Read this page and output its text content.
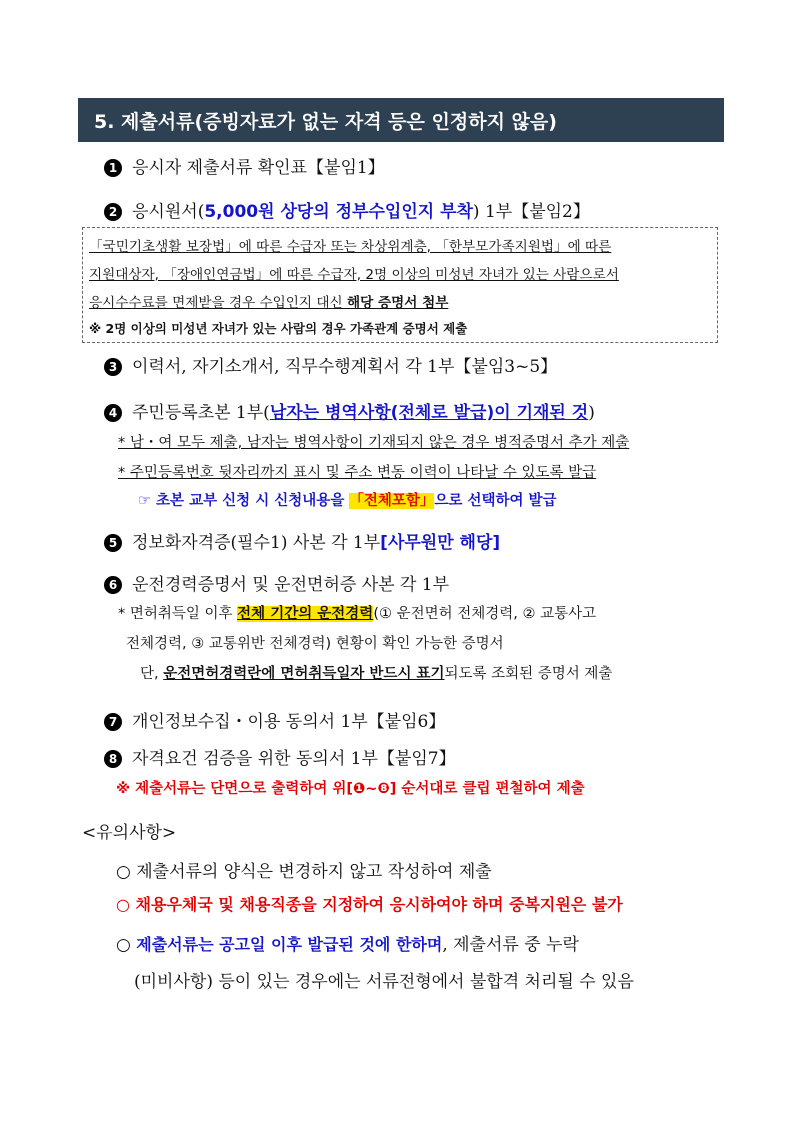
5. 제출서류(증빙자료가 없는 자격 등은 인정하지 않음)
1 응시자 제출서류 확인표【붙임1】
2 응시원서(5,000원 상당의 정부수입인지 부착) 1부【붙임2】
「국민기초생활 보장법」에 따른 수급자 또는 차상위계층, 「한부모가족지원법」에 따른
지원대상자, 「장애인연금법」에 따른 수급자, 2명 이상의 미성년 자녀가 있는 사람으로서
응시수수료를 면제받을 경우 수입인지 대신 해당 증명서 첨부
※ 2명 이상의 미성년 자녀가 있는 사람의 경우 가족관계 증명서 제출
3 이력서, 자기소개서, 직무수행계획서 각 1부【붙임3~5】
4 주민등록초본 1부(남자는 병역사항(전체로 발급)이 기재된 것)
* 남・여 모두 제출, 남자는 병역사항이 기재되지 않은 경우 병적증명서 추가 제출
* 주민등록번호 뒷자리까지 표시 및 주소 변동 이력이 나타날 수 있도록 발급
☞ 초본 교부 신청 시 신청내용을 「전체포함」으로 선택하여 발급
5 정보화자격증(필수1) 사본 각 1부[사무원만 해당]
6 운전경력증명서 및 운전면허증 사본 각 1부
* 면허취득일 이후 전체 기간의 운전경력(① 운전면허 전체경력, ② 교통사고
전체경력, ③ 교통위반 전체경력) 현황이 확인 가능한 증명서
단, 운전면허경력란에 면허취득일자 반드시 표기되도록 조회된 증명서 제출
7 개인정보수집・이용 동의서 1부【붙임6】
8 자격요건 검증을 위한 동의서 1부【붙임7】
※ 제출서류는 단면으로 출력하여 위[❶~❽] 순서대로 클립 편철하여 제출
<유의사항>
○ 제출서류의 양식은 변경하지 않고 작성하여 제출
○ 채용우체국 및 채용직종을 지정하여 응시하여야 하며 중복지원은 불가
○ 제출서류는 공고일 이후 발급된 것에 한하며, 제출서류 중 누락
(미비사항) 등이 있는 경우에는 서류전형에서 불합격 처리될 수 있음
